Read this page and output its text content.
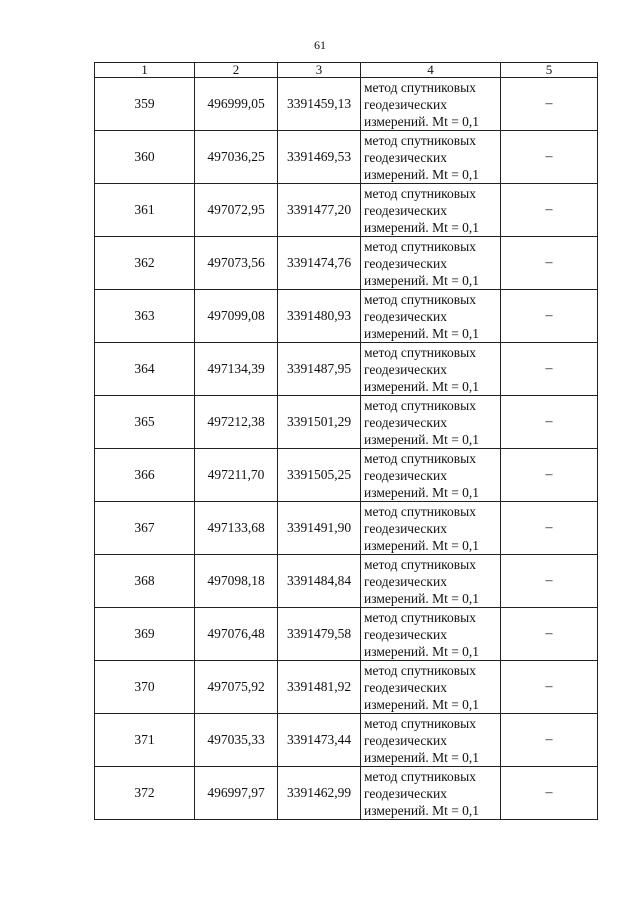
61
1	2	3	4	5
359	496999,05	3391459,13	метод спутниковых геодезических измерений. Mt = 0,1	–
360	497036,25	3391469,53	метод спутниковых геодезических измерений. Mt = 0,1	–
361	497072,95	3391477,20	метод спутниковых геодезических измерений. Mt = 0,1	–
362	497073,56	3391474,76	метод спутниковых геодезических измерений. Mt = 0,1	–
363	497099,08	3391480,93	метод спутниковых геодезических измерений. Mt = 0,1	–
364	497134,39	3391487,95	метод спутниковых геодезических измерений. Mt = 0,1	–
365	497212,38	3391501,29	метод спутниковых геодезических измерений. Mt = 0,1	–
366	497211,70	3391505,25	метод спутниковых геодезических измерений. Mt = 0,1	–
367	497133,68	3391491,90	метод спутниковых геодезических измерений. Mt = 0,1	–
368	497098,18	3391484,84	метод спутниковых геодезических измерений. Mt = 0,1	–
369	497076,48	3391479,58	метод спутниковых геодезических измерений. Mt = 0,1	–
370	497075,92	3391481,92	метод спутниковых геодезических измерений. Mt = 0,1	–
371	497035,33	3391473,44	метод спутниковых геодезических измерений. Mt = 0,1	–
372	496997,97	3391462,99	метод спутниковых геодезических измерений. Mt = 0,1	–
